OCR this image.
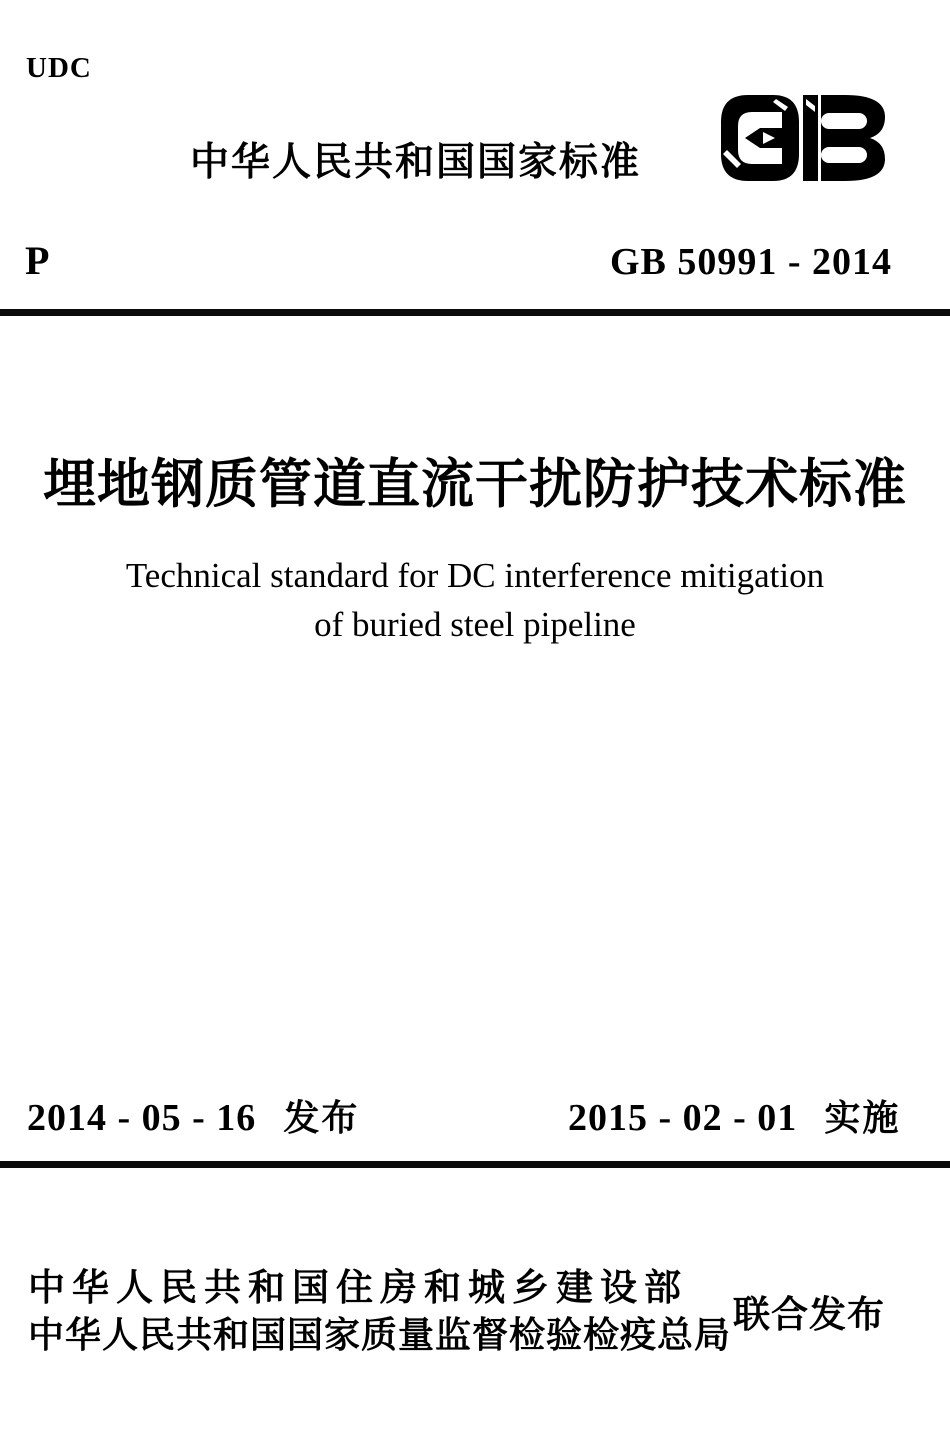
UDC
中华人民共和国国家标准
P	GB 50991 - 2014
埋地钢质管道直流干扰防护技术标准
Technical standard for DC interference mitigation
of buried steel pipeline
2014 - 05 - 16 发布	2015 - 02 - 01 实施
中华人民共和国住房和城乡建设部
中华人民共和国国家质量监督检验检疫总局 联合发布
